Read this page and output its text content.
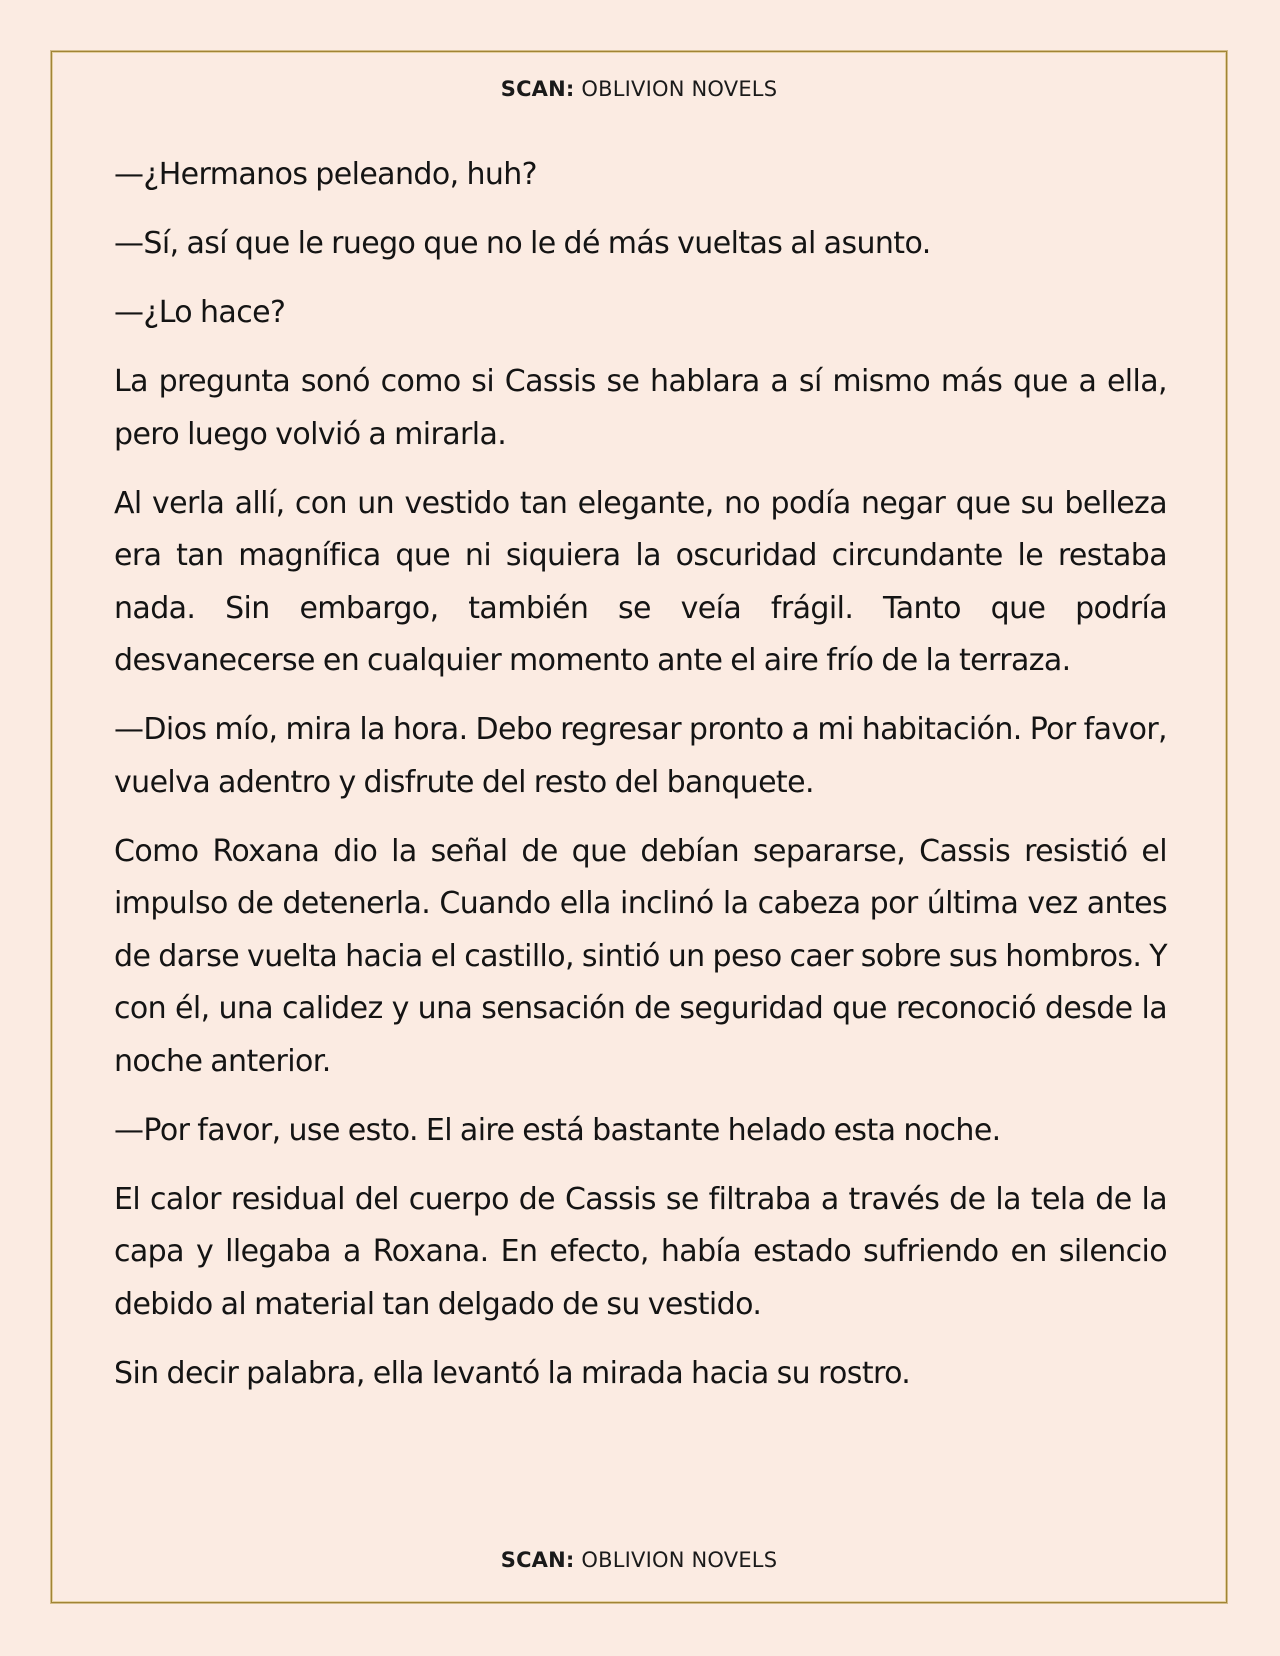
SCAN: OBLIVION NOVELS

—¿Hermanos peleando, huh?

—Sí, así que le ruego que no le dé más vueltas al asunto.

—¿Lo hace?

La pregunta sonó como si Cassis se hablara a sí mismo más que a ella, pero luego volvió a mirarla.

Al verla allí, con un vestido tan elegante, no podía negar que su belleza era tan magnífica que ni siquiera la oscuridad circundante le restaba nada. Sin embargo, también se veía frágil. Tanto que podría desvanecerse en cualquier momento ante el aire frío de la terraza.

—Dios mío, mira la hora. Debo regresar pronto a mi habitación. Por favor, vuelva adentro y disfrute del resto del banquete.

Como Roxana dio la señal de que debían separarse, Cassis resistió el impulso de detenerla. Cuando ella inclinó la cabeza por última vez antes de darse vuelta hacia el castillo, sintió un peso caer sobre sus hombros. Y con él, una calidez y una sensación de seguridad que reconoció desde la noche anterior.

—Por favor, use esto. El aire está bastante helado esta noche.

El calor residual del cuerpo de Cassis se filtraba a través de la tela de la capa y llegaba a Roxana. En efecto, había estado sufriendo en silencio debido al material tan delgado de su vestido.

Sin decir palabra, ella levantó la mirada hacia su rostro.

SCAN: OBLIVION NOVELS
